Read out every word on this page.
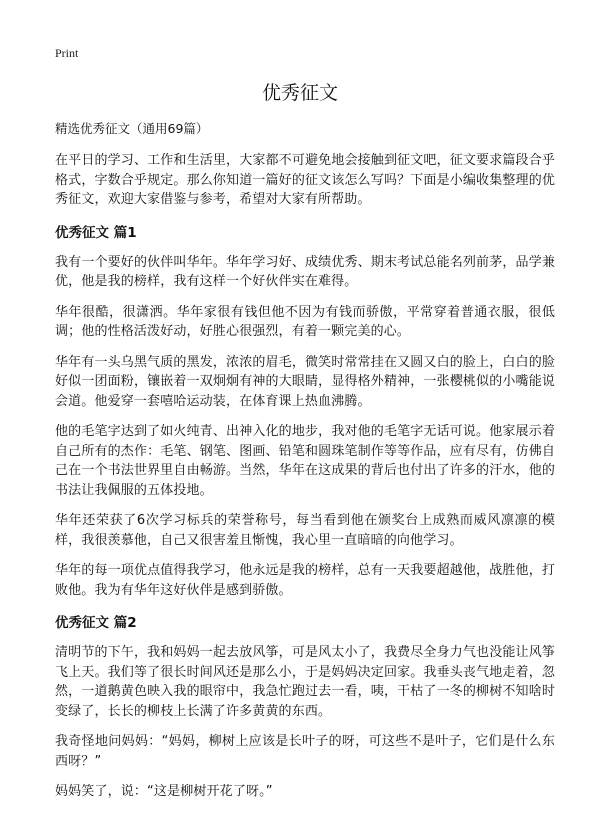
Print
优秀征文
精选优秀征文（通用69篇）

在平日的学习、工作和生活里，大家都不可避免地会接触到征文吧，征文要求篇段合乎格式，字数合乎规定。那么你知道一篇好的征文该怎么写吗？下面是小编收集整理的优秀征文，欢迎大家借鉴与参考，希望对大家有所帮助。

优秀征文 篇1

我有一个要好的伙伴叫华年。华年学习好、成绩优秀、期末考试总能名列前茅，品学兼优，他是我的榜样，我有这样一个好伙伴实在难得。

华年很酷，很潇洒。华年家很有钱但他不因为有钱而骄傲，平常穿着普通衣服，很低调；他的性格活泼好动，好胜心很强烈，有着一颗完美的心。

华年有一头乌黑气质的黑发，浓浓的眉毛，微笑时常常挂在又圆又白的脸上，白白的脸好似一团面粉，镶嵌着一双炯炯有神的大眼睛，显得格外精神，一张樱桃似的小嘴能说会道。他爱穿一套嘻哈运动装，在体育课上热血沸腾。

他的毛笔字达到了如火纯青、出神入化的地步，我对他的毛笔字无话可说。他家展示着自己所有的杰作：毛笔、钢笔、图画、铅笔和圆珠笔制作等等作品，应有尽有，仿佛自己在一个书法世界里自由畅游。当然，华年在这成果的背后也付出了许多的汗水，他的书法让我佩服的五体投地。

华年还荣获了6次学习标兵的荣誉称号，每当看到他在颁奖台上成熟而威风凛凛的模样，我很羡慕他，自己又很害羞且惭愧，我心里一直暗暗的向他学习。

华年的每一项优点值得我学习，他永远是我的榜样，总有一天我要超越他，战胜他，打败他。我为有华年这好伙伴是感到骄傲。

优秀征文 篇2

清明节的下午，我和妈妈一起去放风筝，可是风太小了，我费尽全身力气也没能让风筝飞上天。我们等了很长时间风还是那么小，于是妈妈决定回家。我垂头丧气地走着，忽然，一道鹅黄色映入我的眼帘中，我急忙跑过去一看，咦，干枯了一冬的柳树不知啥时变绿了，长长的柳枝上长满了许多黄黄的东西。

我奇怪地问妈妈：“妈妈，柳树上应该是长叶子的呀，可这些不是叶子，它们是什么东西呀？”

妈妈笑了，说：“这是柳树开花了呀。”
